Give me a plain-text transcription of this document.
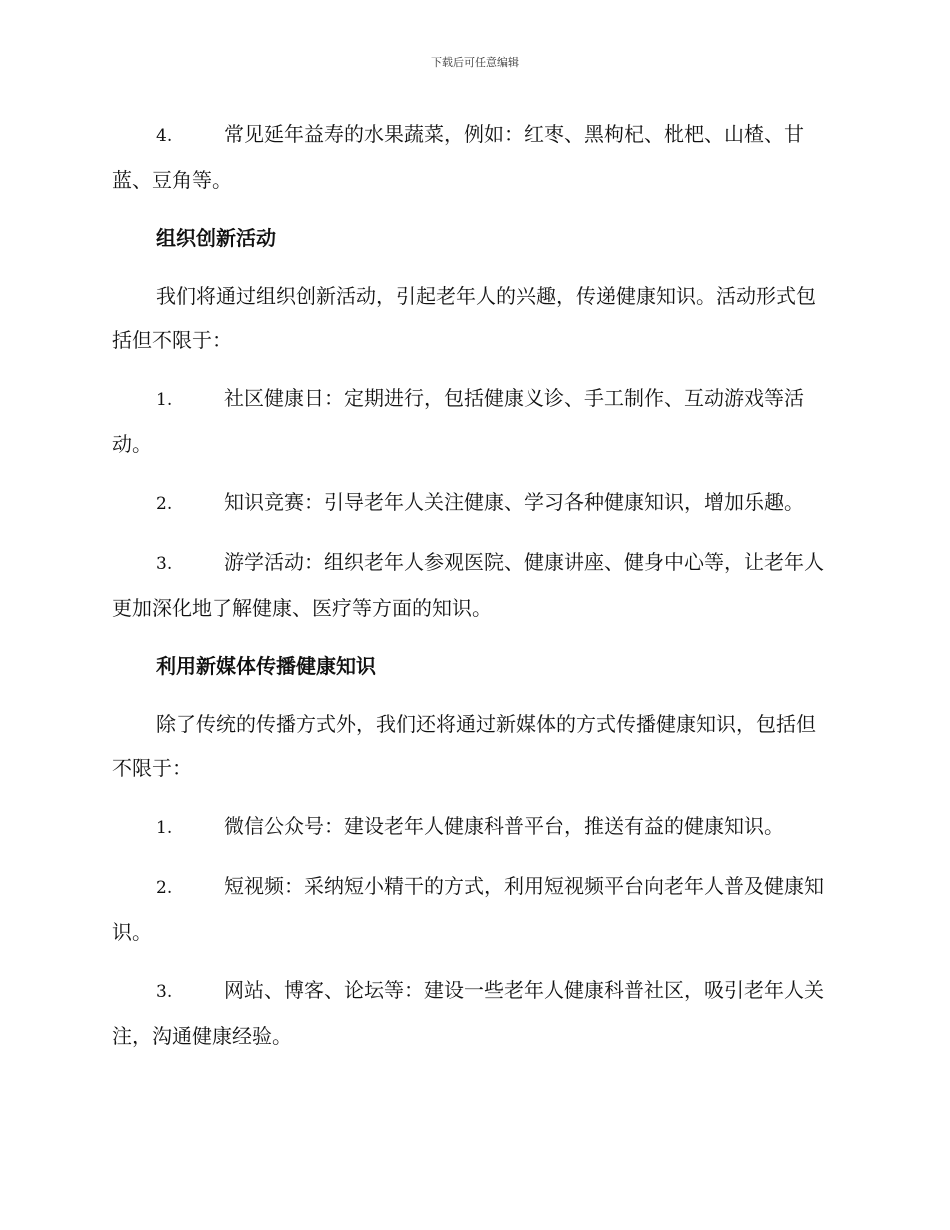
下载后可任意编辑

4.	常见延年益寿的水果蔬菜，例如：红枣、黑枸杞、枇杷、山楂、甘蓝、豆角等。

组织创新活动

我们将通过组织创新活动，引起老年人的兴趣，传递健康知识。活动形式包括但不限于：

1.	社区健康日：定期进行，包括健康义诊、手工制作、互动游戏等活动。

2.	知识竞赛：引导老年人关注健康、学习各种健康知识，增加乐趣。

3.	游学活动：组织老年人参观医院、健康讲座、健身中心等，让老年人更加深化地了解健康、医疗等方面的知识。

利用新媒体传播健康知识

除了传统的传播方式外，我们还将通过新媒体的方式传播健康知识，包括但不限于：

1.	微信公众号：建设老年人健康科普平台，推送有益的健康知识。

2.	短视频：采纳短小精干的方式，利用短视频平台向老年人普及健康知识。

3.	网站、博客、论坛等：建设一些老年人健康科普社区，吸引老年人关注，沟通健康经验。
